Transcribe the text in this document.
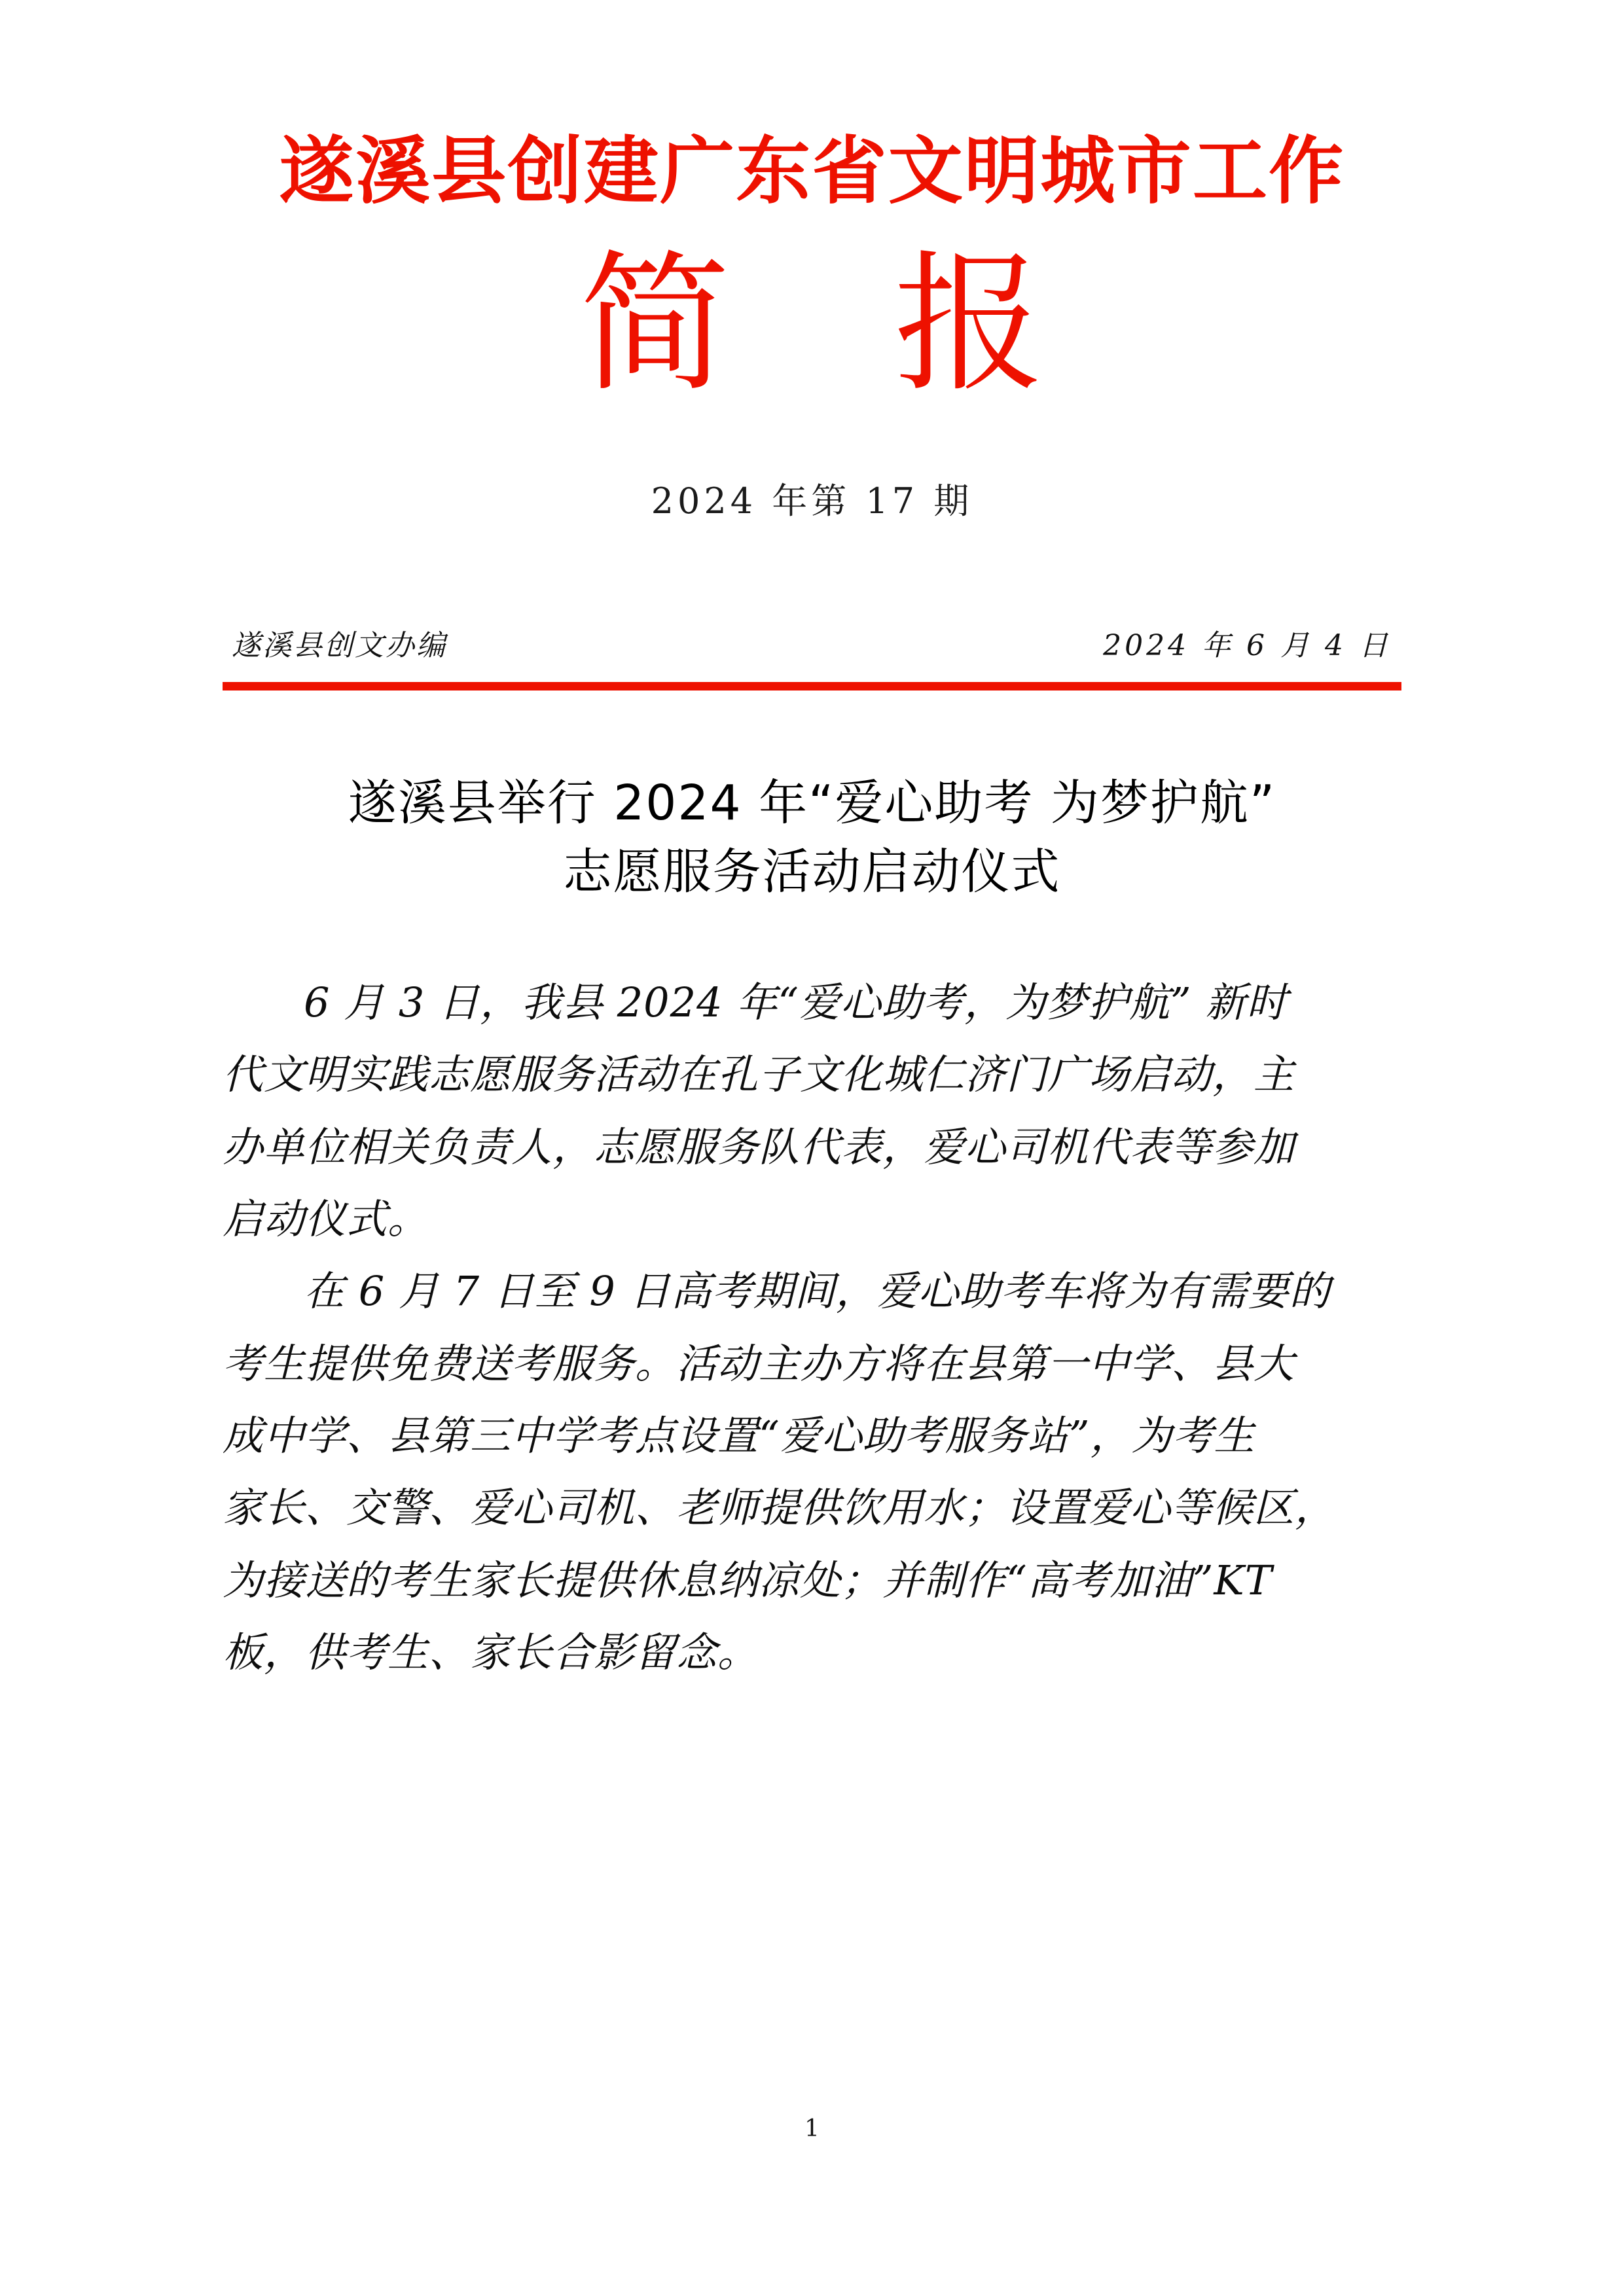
遂溪县创建广东省文明城市工作
简 报
2024 年第 17 期
遂溪县创文办编	2024 年 6 月 4 日
遂溪县举行 2024 年“爱心助考 为梦护航”
志愿服务活动启动仪式

6 月 3 日，我县 2024 年“爱心助考，为梦护航” 新时
代文明实践志愿服务活动在孔子文化城仁济门广场启动，主
办单位相关负责人，志愿服务队代表，爱心司机代表等参加
启动仪式。

在 6 月 7 日至 9 日高考期间，爱心助考车将为有需要的
考生提供免费送考服务。活动主办方将在县第一中学、县大
成中学、县第三中学考点设置“爱心助考服务站”，为考生
家长、交警、爱心司机、老师提供饮用水；设置爱心等候区，
为接送的考生家长提供休息纳凉处；并制作“高考加油”KT
板，供考生、家长合影留念。

1
